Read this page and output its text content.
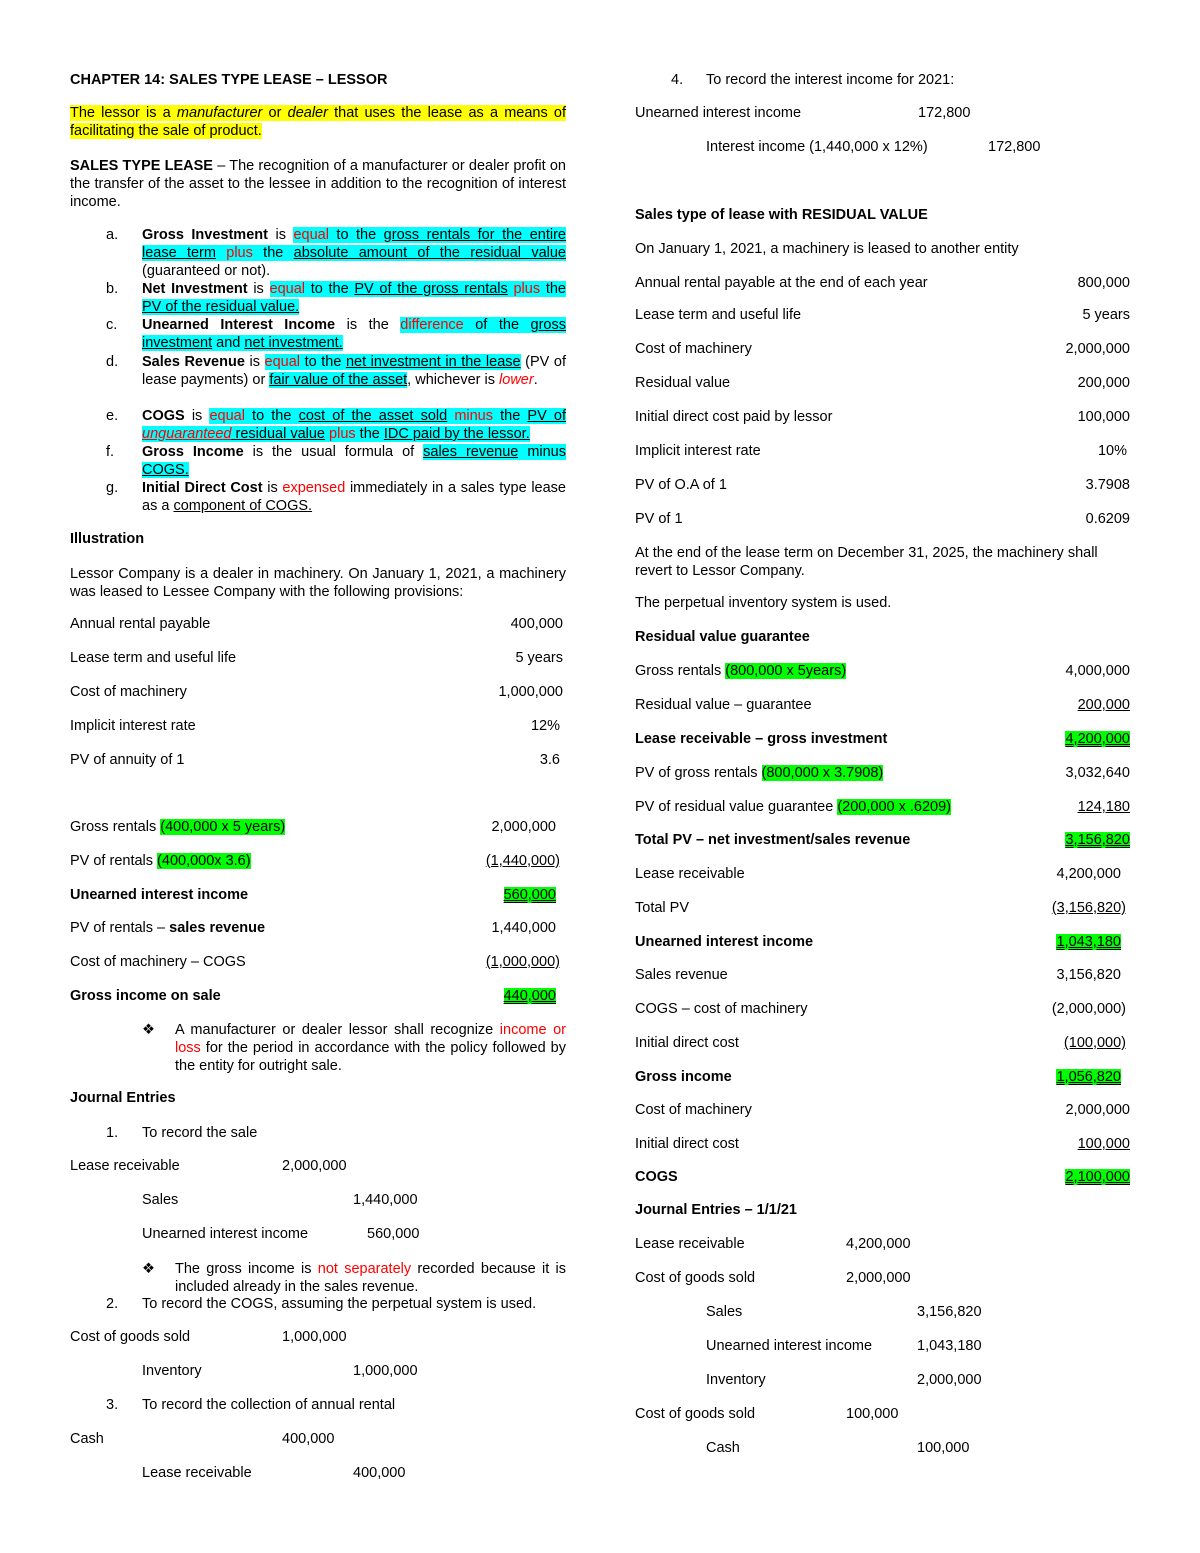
CHAPTER 14: SALES TYPE LEASE – LESSOR
The lessor is a manufacturer or dealer that uses the lease as a means of facilitating the sale of product.
SALES TYPE LEASE – The recognition of a manufacturer or dealer profit on the transfer of the asset to the lessee in addition to the recognition of interest income.
a.	Gross Investment is equal to the gross rentals for the entire lease term plus the absolute amount of the residual value (guaranteed or not).
b.	Net Investment is equal to the PV of the gross rentals plus the PV of the residual value.
c.	Unearned Interest Income is the difference of the gross investment and net investment.
d.	Sales Revenue is equal to the net investment in the lease (PV of lease payments) or fair value of the asset, whichever is lower.
e.	COGS is equal to the cost of the asset sold minus the PV of unguaranteed residual value plus the IDC paid by the lessor.
f.	Gross Income is the usual formula of sales revenue minus COGS.
g.	Initial Direct Cost is expensed immediately in a sales type lease as a component of COGS.
Illustration
Lessor Company is a dealer in machinery. On January 1, 2021, a machinery was leased to Lessee Company with the following provisions:
Annual rental payable	400,000
Lease term and useful life	5 years
Cost of machinery	1,000,000
Implicit interest rate	12%
PV of annuity of 1	3.6
Gross rentals (400,000 x 5 years)	2,000,000
PV of rentals (400,000x 3.6)	(1,440,000)
Unearned interest income	560,000
PV of rentals – sales revenue	1,440,000
Cost of machinery – COGS	(1,000,000)
Gross income on sale	440,000
❖ A manufacturer or dealer lessor shall recognize income or loss for the period in accordance with the policy followed by the entity for outright sale.
Journal Entries
1. To record the sale
Lease receivable	2,000,000
Sales	1,440,000
Unearned interest income	560,000
❖ The gross income is not separately recorded because it is included already in the sales revenue.
2. To record the COGS, assuming the perpetual system is used.
Cost of goods sold	1,000,000
Inventory	1,000,000
3. To record the collection of annual rental
Cash	400,000
Lease receivable	400,000
4. To record the interest income for 2021:
Unearned interest income	172,800
Interest income (1,440,000 x 12%)	172,800
Sales type of lease with RESIDUAL VALUE
On January 1, 2021, a machinery is leased to another entity
Annual rental payable at the end of each year	800,000
Lease term and useful life	5 years
Cost of machinery	2,000,000
Residual value	200,000
Initial direct cost paid by lessor	100,000
Implicit interest rate	10%
PV of O.A of 1	3.7908
PV of 1	0.6209
At the end of the lease term on December 31, 2025, the machinery shall revert to Lessor Company.
The perpetual inventory system is used.
Residual value guarantee
Gross rentals (800,000 x 5years)	4,000,000
Residual value – guarantee	200,000
Lease receivable – gross investment	4,200,000
PV of gross rentals (800,000 x 3.7908)	3,032,640
PV of residual value guarantee (200,000 x .6209)	124,180
Total PV – net investment/sales revenue	3,156,820
Lease receivable	4,200,000
Total PV	(3,156,820)
Unearned interest income	1,043,180
Sales revenue	3,156,820
COGS – cost of machinery	(2,000,000)
Initial direct cost	(100,000)
Gross income	1,056,820
Cost of machinery	2,000,000
Initial direct cost	100,000
COGS	2,100,000
Journal Entries – 1/1/21
Lease receivable	4,200,000
Cost of goods sold	2,000,000
Sales	3,156,820
Unearned interest income	1,043,180
Inventory	2,000,000
Cost of goods sold	100,000
Cash	100,000
